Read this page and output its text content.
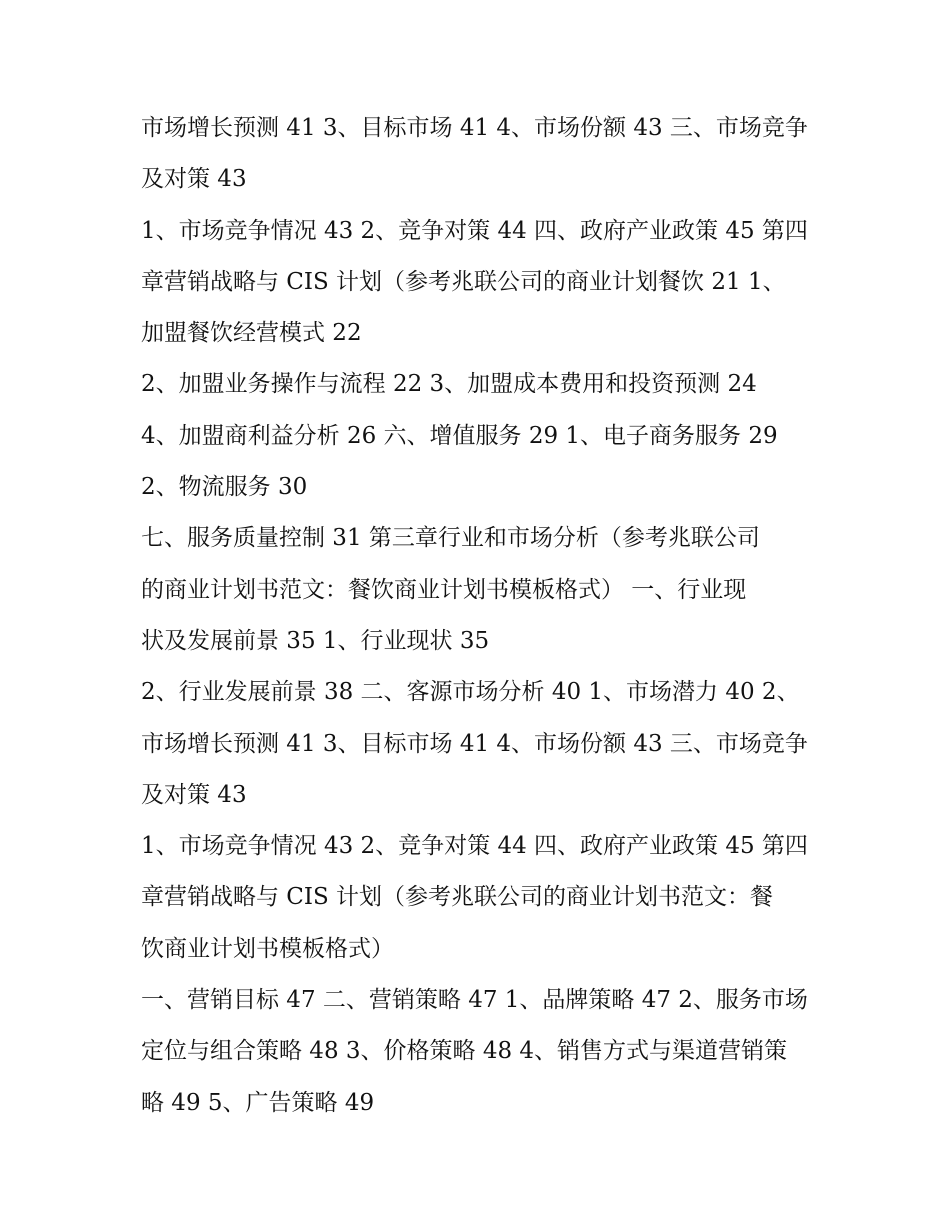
市场增长预测 41 3、目标市场 41 4、市场份额 43 三、市场竞争
及对策 43
1、市场竞争情况 43 2、竞争对策 44 四、政府产业政策 45 第四
章营销战略与 CIS 计划（参考兆联公司的商业计划餐饮 21 1、
加盟餐饮经营模式 22
2、加盟业务操作与流程 22 3、加盟成本费用和投资预测 24
4、加盟商利益分析 26 六、增值服务 29 1、电子商务服务 29
2、物流服务 30
七、服务质量控制 31 第三章行业和市场分析（参考兆联公司
的商业计划书范文：餐饮商业计划书模板格式） 一、行业现
状及发展前景 35 1、行业现状 35
2、行业发展前景 38 二、客源市场分析 40 1、市场潜力 40 2、
市场增长预测 41 3、目标市场 41 4、市场份额 43 三、市场竞争
及对策 43
1、市场竞争情况 43 2、竞争对策 44 四、政府产业政策 45 第四
章营销战略与 CIS 计划（参考兆联公司的商业计划书范文：餐
饮商业计划书模板格式）
一、营销目标 47 二、营销策略 47 1、品牌策略 47 2、服务市场
定位与组合策略 48 3、价格策略 48 4、销售方式与渠道营销策
略 49 5、广告策略 49
